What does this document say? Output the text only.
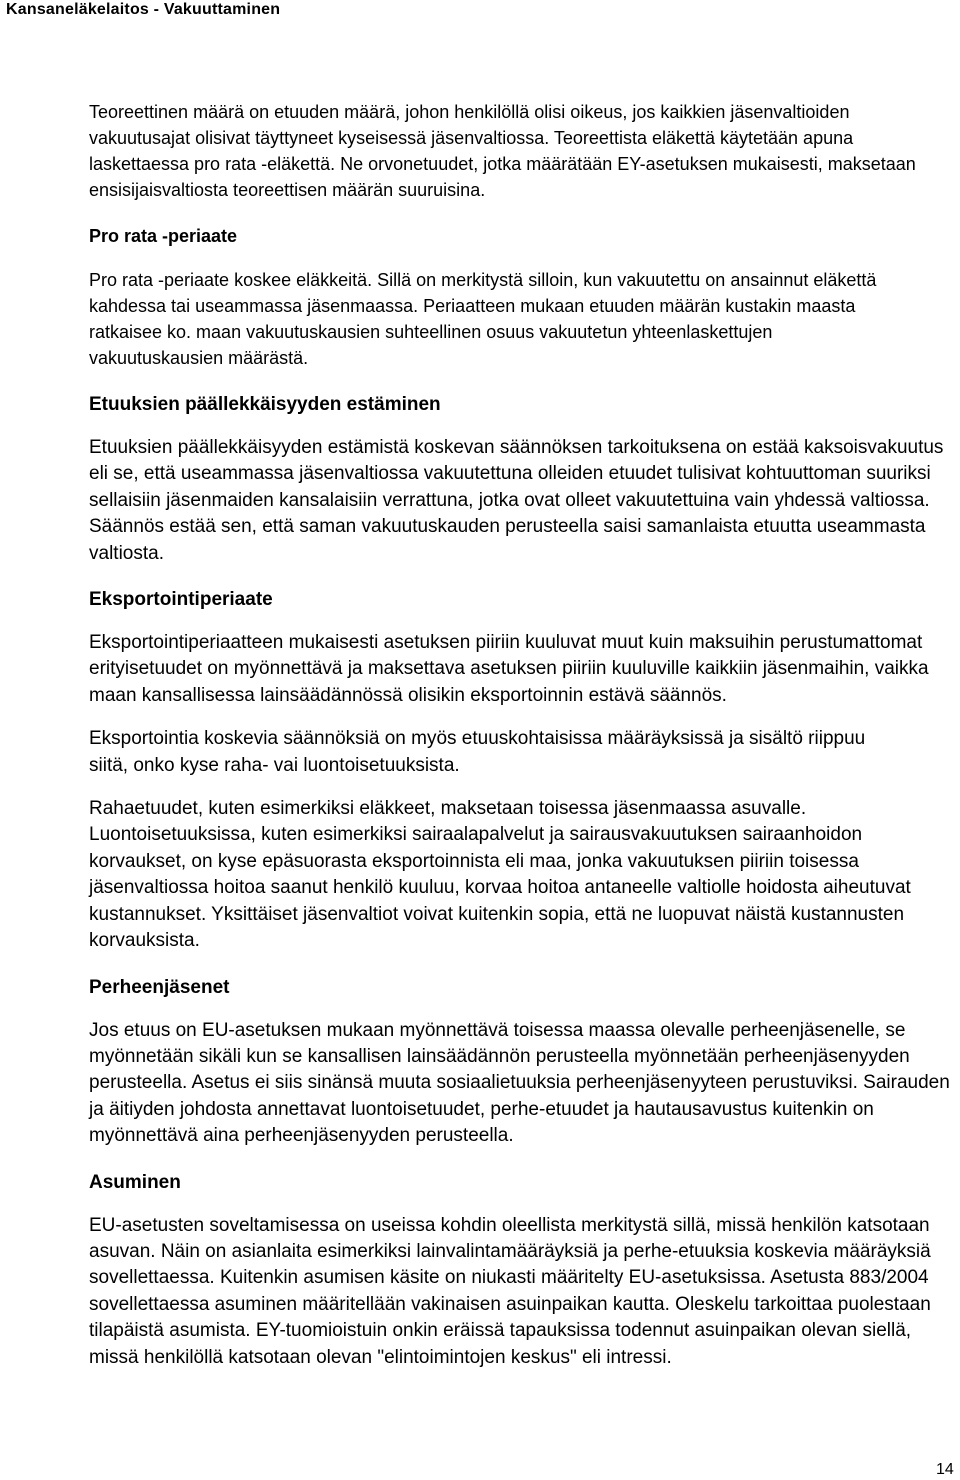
Kansaneläkelaitos - Vakuuttaminen

Teoreettinen määrä on etuuden määrä, johon henkilöllä olisi oikeus, jos kaikkien jäsenvaltioiden vakuutusajat olisivat täyttyneet kyseisessä jäsenvaltiossa. Teoreettista eläkettä käytetään apuna laskettaessa pro rata -eläkettä. Ne orvonetuudet, jotka määrätään EY-asetuksen mukaisesti, maksetaan ensisijaisvaltiosta teoreettisen määrän suuruisina.

Pro rata -periaate

Pro rata -periaate koskee eläkkeitä. Sillä on merkitystä silloin, kun vakuutettu on ansainnut eläkettä kahdessa tai useammassa jäsenmaassa. Periaatteen mukaan etuuden määrän kustakin maasta ratkaisee ko. maan vakuutuskausien suhteellinen osuus vakuutetun yhteenlaskettujen vakuutuskausien määrästä.

Etuuksien päällekkäisyyden estäminen

Etuuksien päällekkäisyyden estämistä koskevan säännöksen tarkoituksena on estää kaksoisvakuutus eli se, että useammassa jäsenvaltiossa vakuutettuna olleiden etuudet tulisivat kohtuuttoman suuriksi sellaisiin jäsenmaiden kansalaisiin verrattuna, jotka ovat olleet vakuutettuina vain yhdessä valtiossa. Säännös estää sen, että saman vakuutuskauden perusteella saisi samanlaista etuutta useammasta valtiosta.

Eksportointiperiaate

Eksportointiperiaatteen mukaisesti asetuksen piiriin kuuluvat muut kuin maksuihin perustumattomat erityisetuudet on myönnettävä ja maksettava asetuksen piiriin kuuluville kaikkiin jäsenmaihin, vaikka maan kansallisessa lainsäädännössä olisikin eksportoinnin estävä säännös.

Eksportointia koskevia säännöksiä on myös etuuskohtaisissa määräyksissä ja sisältö riippuu siitä, onko kyse raha- vai luontoisetuuksista.

Rahaetuudet, kuten esimerkiksi eläkkeet, maksetaan toisessa jäsenmaassa asuvalle. Luontoisetuuksissa, kuten esimerkiksi sairaalapalvelut ja sairausvakuutuksen sairaanhoidon korvaukset, on kyse epäsuorasta eksportoinnista eli maa, jonka vakuutuksen piiriin toisessa jäsenvaltiossa hoitoa saanut henkilö kuuluu, korvaa hoitoa antaneelle valtiolle hoidosta aiheutuvat kustannukset. Yksittäiset jäsenvaltiot voivat kuitenkin sopia, että ne luopuvat näistä kustannusten korvauksista.

Perheenjäsenet

Jos etuus on EU-asetuksen mukaan myönnettävä toisessa maassa olevalle perheenjäsenelle, se myönnetään sikäli kun se kansallisen lainsäädännön perusteella myönnetään perheenjäsenyyden perusteella. Asetus ei siis sinänsä muuta sosiaalietuuksia perheenjäsenyyteen perustuviksi. Sairauden ja äitiyden johdosta annettavat luontoisetuudet, perhe-etuudet ja hautausavustus kuitenkin on myönnettävä aina perheenjäsenyyden perusteella.

Asuminen

EU-asetusten soveltamisessa on useissa kohdin oleellista merkitystä sillä, missä henkilön katsotaan asuvan. Näin on asianlaita esimerkiksi lainvalintamääräyksiä ja perhe-etuuksia koskevia määräyksiä sovellettaessa. Kuitenkin asumisen käsite on niukasti määritelty EU-asetuksissa. Asetusta 883/2004 sovellettaessa asuminen määritellään vakinaisen asuinpaikan kautta. Oleskelu tarkoittaa puolestaan tilapäistä asumista. EY-tuomioistuin onkin eräissä tapauksissa todennut asuinpaikan olevan siellä, missä henkilöllä katsotaan olevan "elintoimintojen keskus" eli intressi.

14
